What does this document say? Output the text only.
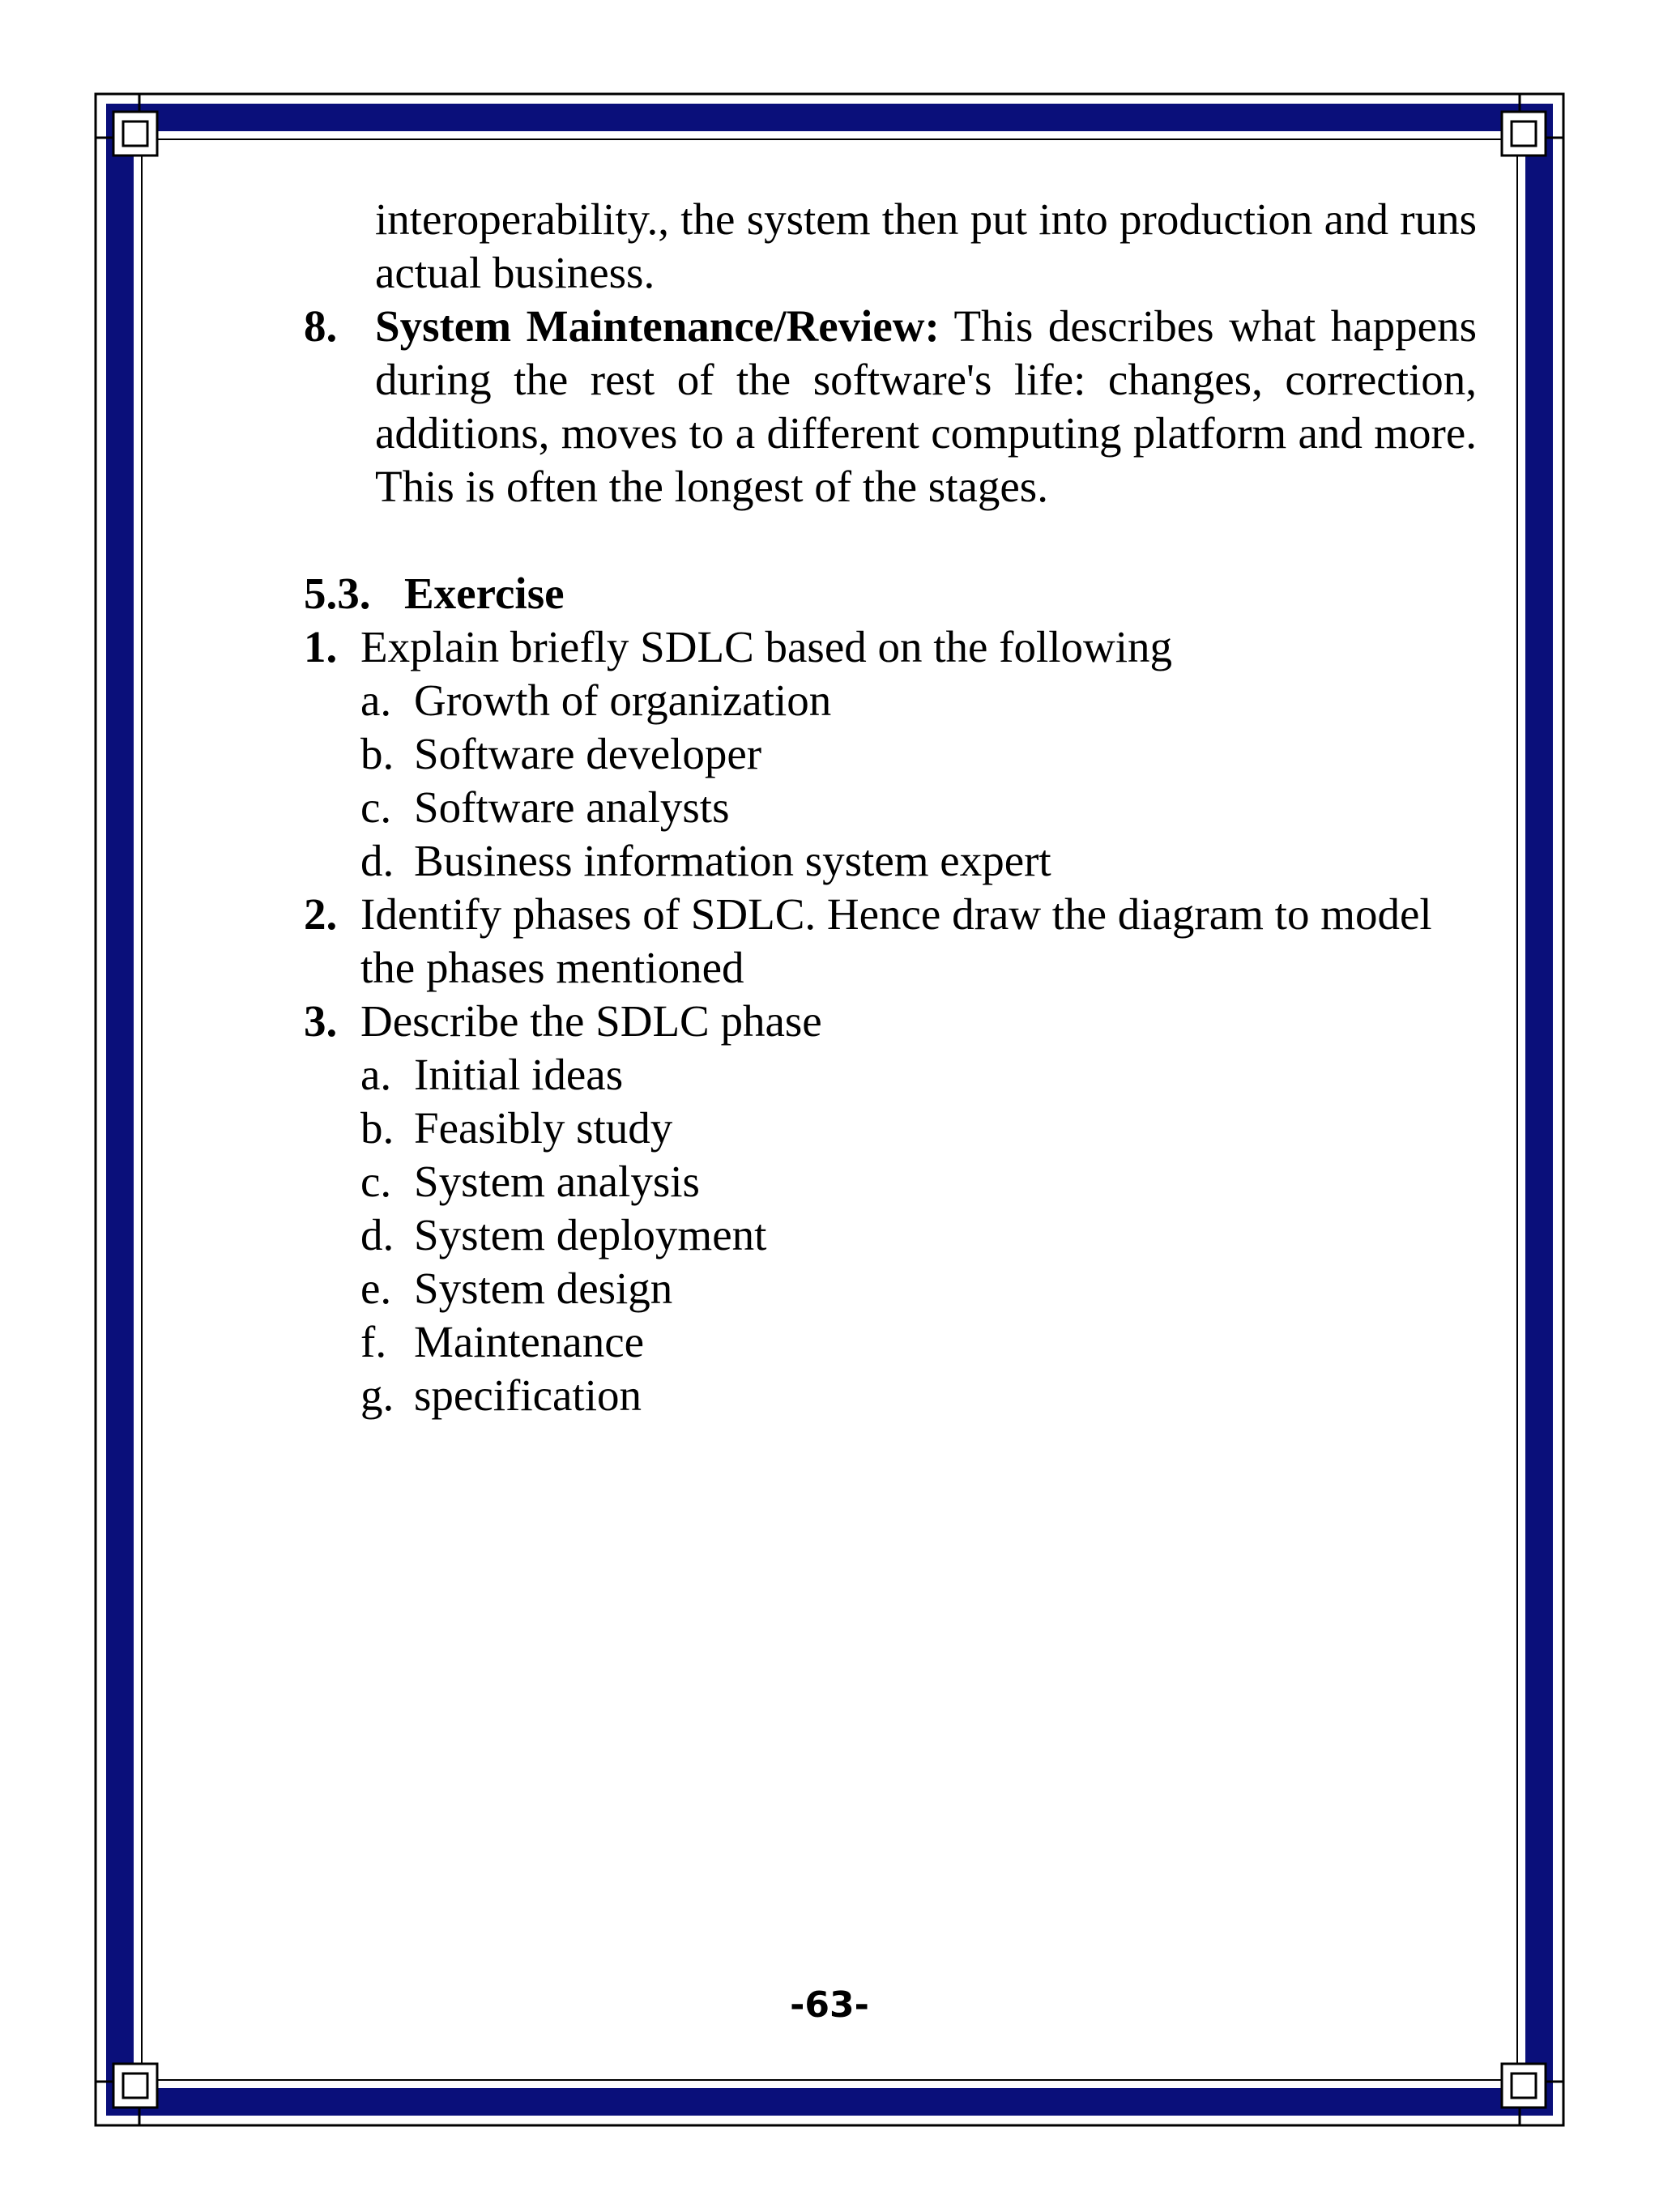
interoperability., the system then put into production and runs actual business.
8. System Maintenance/Review: This describes what happens during the rest of the software's life: changes, correction, additions, moves to a different computing platform and more. This is often the longest of the stages.
5.3. Exercise
1. Explain briefly SDLC based on the following
a. Growth of organization
b. Software developer
c. Software analysts
d. Business information system expert
2. Identify phases of SDLC. Hence draw the diagram to model the phases mentioned
3. Describe the SDLC phase
a. Initial ideas
b. Feasibly study
c. System analysis
d. System deployment
e. System design
f. Maintenance
g. specification
-63-
